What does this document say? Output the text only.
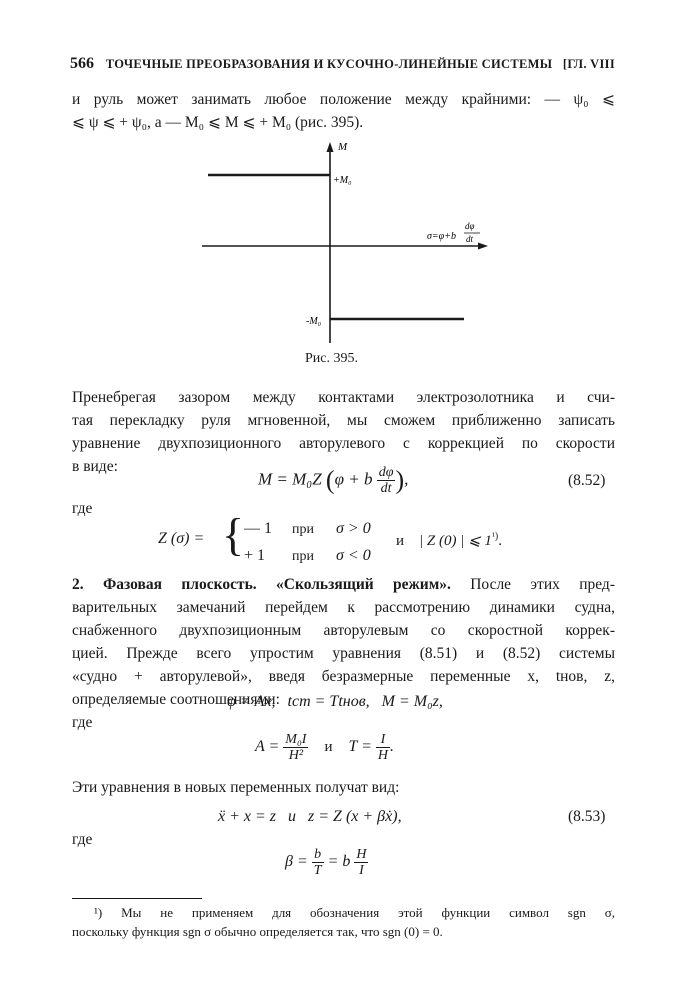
566 ТОЧЕЧНЫЕ ПРЕОБРАЗОВАНИЯ И КУСОЧНО-ЛИНЕЙНЫЕ СИСТЕМЫ [ГЛ. VIII
и руль может занимать любое положение между крайними: — ψ₀ ⩽
⩽ ψ ⩽ + ψ₀, а — M₀ ⩽ M ⩽ + M₀ (рис. 395).
M
+M₀
-M₀
σ=φ+b
dφ
dt
Рис. 395.
Пренебрегая зазором между контактами электрозолотника и счи-
тая перекладку руля мгновенной, мы сможем приближенно записать
уравнение двухпозиционного авторулевого с коррекцией по скорости
в виде:
M = M₀Z (φ + b $\frac{d\varphi}{dt}$ ),	(8.52)
где
Z (σ) = { — 1 при σ > 0
+ 1 при σ < 0
и | Z (0) | ⩽ $1^{^1)}$.
2. Фазовая плоскость. «Скользящий режим». После этих пред-
варительных замечаний перейдем к рассмотрению динамики судна,
снабженного двухпозиционным авторулевым со скоростной коррек-
цией. Прежде всего упростим уравнения (8.51) и (8.52) системы
«судно + авторулевой», введя безразмерные переменные x, tнов, z,
определяемые соотношениями:
φ = Ax,   tст = Ttнов,   M = M₀z,
где
$A = \frac{\text{M₀I}}{\text{H²}}$ и $T = \frac{I}{H}$ .
Эти уравнения в новых переменных получат вид:
ẍ + x = z   и   z = Z (x + βẋ),	(8.53)
где
$\beta = \frac{b}{T} = b \frac{H}{I}$
¹) Мы не применяем для обозначения этой функции символ sgn σ,
поскольку функция sgn σ обычно определяется так, что sgn (0) = 0.
